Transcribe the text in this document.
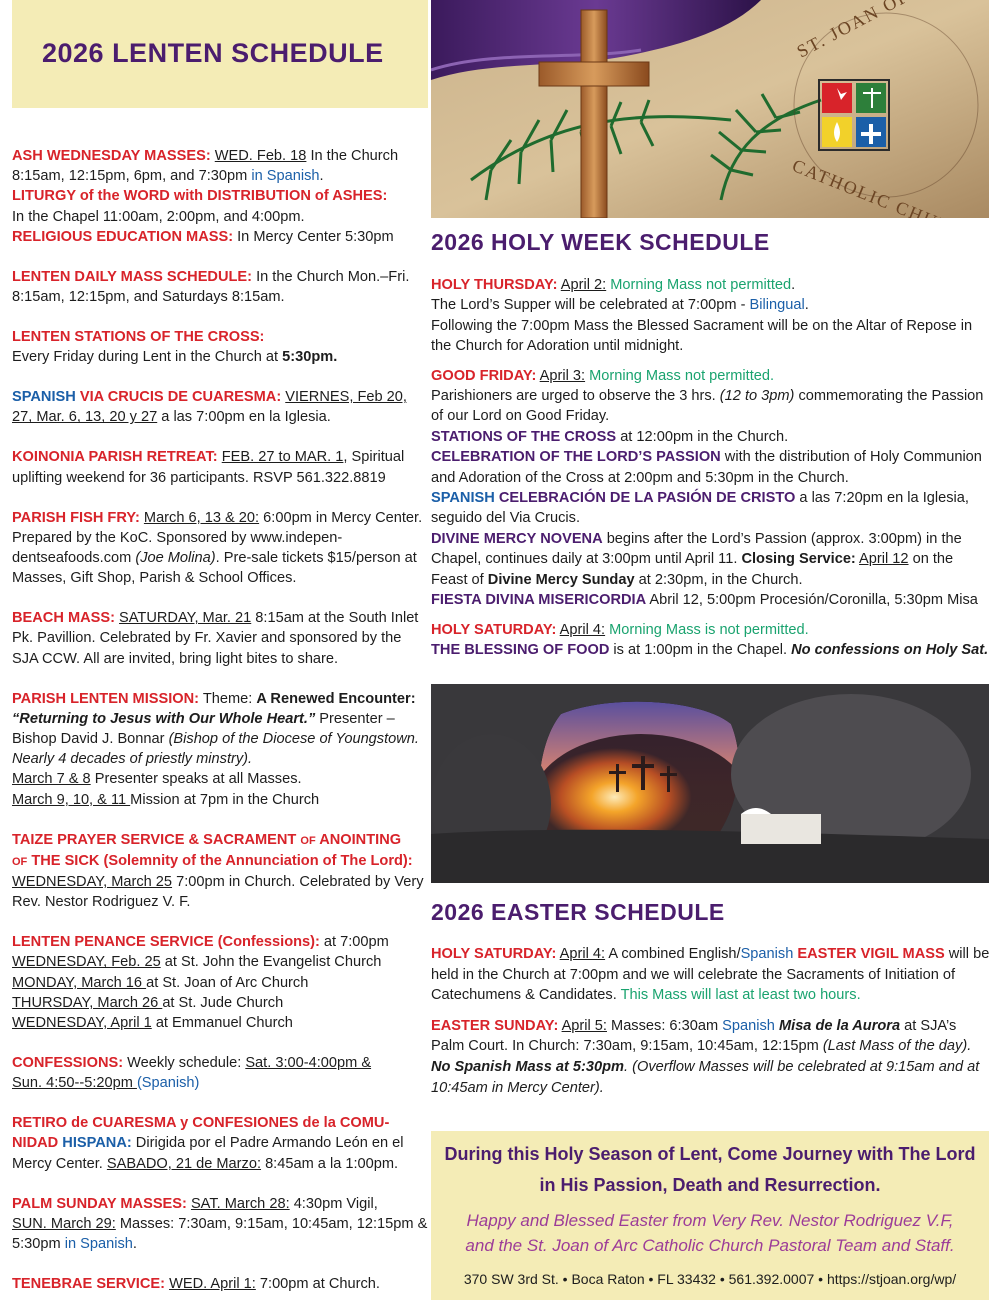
2026 LENTEN SCHEDULE

ASH WEDNESDAY MASSES: WED. Feb. 18 In the Church 8:15am, 12:15pm, 6pm, and 7:30pm in Spanish.
LITURGY of the WORD with DISTRIBUTION of ASHES:
In the Chapel 11:00am, 2:00pm, and 4:00pm.
RELIGIOUS EDUCATION MASS: In Mercy Center 5:30pm

LENTEN DAILY MASS SCHEDULE: In the Church Mon.–Fri. 8:15am, 12:15pm, and Saturdays 8:15am.

LENTEN STATIONS OF THE CROSS:
Every Friday during Lent in the Church at 5:30pm.

SPANISH VIA CRUCIS DE CUARESMA: VIERNES, Feb 20, 27, Mar. 6, 13, 20 y 27 a las 7:00pm en la Iglesia.

KOINONIA PARISH RETREAT: FEB. 27 to MAR. 1, Spiritual uplifting weekend for 36 participants. RSVP 561.322.8819

PARISH FISH FRY: March 6, 13 & 20: 6:00pm in Mercy Center. Prepared by the KoC. Sponsored by www.indepen-dentseafoods.com (Joe Molina). Pre-sale tickets $15/person at Masses, Gift Shop, Parish & School Offices.

BEACH MASS: SATURDAY, Mar. 21 8:15am at the South Inlet Pk. Pavillion. Celebrated by Fr. Xavier and sponsored by the SJA CCW. All are invited, bring light bites to share.

PARISH LENTEN MISSION: Theme: A Renewed Encounter:
“Returning to Jesus with Our Whole Heart.” Presenter – Bishop David J. Bonnar (Bishop of the Diocese of Youngstown. Nearly 4 decades of priestly minstry).
March 7 & 8 Presenter speaks at all Masses.
March 9, 10, & 11 Mission at 7pm in the Church

TAIZE PRAYER SERVICE & SACRAMENT OF ANOINTING
OF THE SICK (Solemnity of the Annunciation of The Lord):
WEDNESDAY, March 25 7:00pm in Church. Celebrated by Very Rev. Nestor Rodriguez V. F.

LENTEN PENANCE SERVICE (Confessions): at 7:00pm
WEDNESDAY, Feb. 25 at St. John the Evangelist Church
MONDAY, March 16 at St. Joan of Arc Church
THURSDAY, March 26 at St. Jude Church
WEDNESDAY, April 1 at Emmanuel Church

CONFESSIONS: Weekly schedule: Sat. 3:00-4:00pm &
Sun. 4:50--5:20pm (Spanish)

RETIRO de CUARESMA y CONFESIONES de la COMU-NIDAD HISPANA: Dirigida por el Padre Armando León en el Mercy Center. SABADO, 21 de Marzo: 8:45am a la 1:00pm.

PALM SUNDAY MASSES: SAT. March 28: 4:30pm Vigil,
SUN. March 29: Masses: 7:30am, 9:15am, 10:45am, 12:15pm & 5:30pm in Spanish.

TENEBRAE SERVICE: WED. April 1: 7:00pm at Church.

2026 HOLY WEEK SCHEDULE

HOLY THURSDAY: April 2: Morning Mass not permitted.
The Lord’s Supper will be celebrated at 7:00pm - Bilingual.
Following the 7:00pm Mass the Blessed Sacrament will be on the Altar of Repose in the Church for Adoration until midnight.

GOOD FRIDAY: April 3: Morning Mass not permitted.
Parishioners are urged to observe the 3 hrs. (12 to 3pm) commemorating the Passion of our Lord on Good Friday.

STATIONS OF THE CROSS at 12:00pm in the Church.

CELEBRATION OF THE LORD’S PASSION with the distribution of Holy Communion and Adoration of the Cross at 2:00pm and 5:30pm in the Church.

SPANISH CELEBRACIÓN DE LA PASIÓN DE CRISTO a las 7:20pm en la Iglesia, seguido del Via Crucis.

DIVINE MERCY NOVENA begins after the Lord’s Passion (approx. 3:00pm) in the Chapel, continues daily at 3:00pm until April 11. Closing Service: April 12 on the Feast of Divine Mercy Sunday at 2:30pm, in the Church.

FIESTA DIVINA MISERICORDIA Abril 12, 5:00pm Procesión/Coronilla, 5:30pm Misa

HOLY SATURDAY: April 4: Morning Mass is not permitted.
THE BLESSING OF FOOD is at 1:00pm in the Chapel. No confessions on Holy Sat.

2026 EASTER SCHEDULE

HOLY SATURDAY: April 4: A combined English/Spanish EASTER VIGIL MASS will be held in the Church at 7:00pm and we will celebrate the Sacraments of Initiation of Catechumens & Candidates. This Mass will last at least two hours.

EASTER SUNDAY: April 5: Masses: 6:30am Spanish Misa de la Aurora at SJA’s Palm Court. In Church: 7:30am, 9:15am, 10:45am, 12:15pm (Last Mass of the day).
No Spanish Mass at 5:30pm. (Overflow Masses will be celebrated at 9:15am and at 10:45am in Mercy Center).

During this Holy Season of Lent, Come Journey with The Lord
in His Passion, Death and Resurrection.
Happy and Blessed Easter from Very Rev. Nestor Rodriguez V.F,
and the St. Joan of Arc Catholic Church Pastoral Team and Staff.
370 SW 3rd St. • Boca Raton • FL 33432 • 561.392.0007 • https://stjoan.org/wp/
